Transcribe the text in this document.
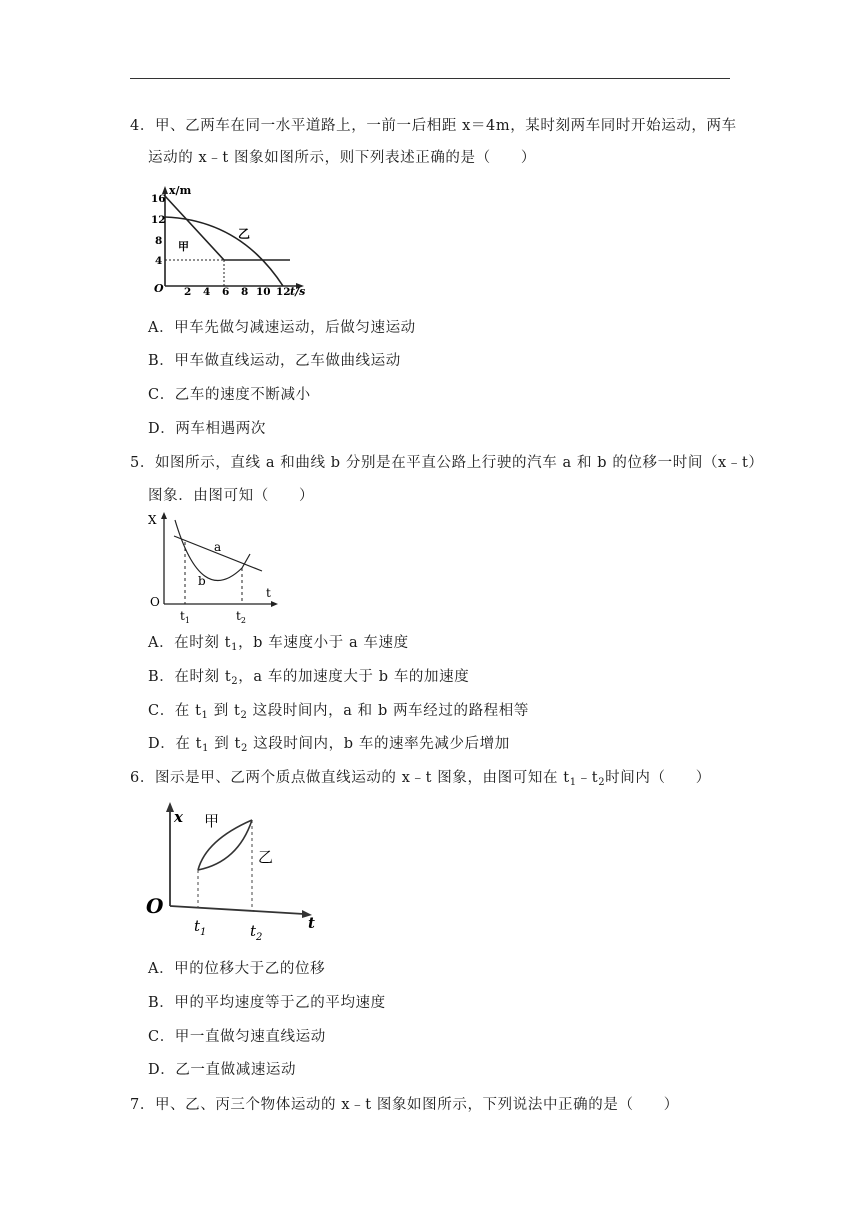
4．甲、乙两车在同一水平道路上，一前一后相距 x＝4m，某时刻两车同时开始运动，两车
运动的 x﹣t 图象如图所示，则下列表述正确的是（　　）
x/m
t/s
O
16
12
8
4
2 4 6 8 10 12
甲
乙
A．甲车先做匀减速运动，后做匀速运动
B．甲车做直线运动，乙车做曲线运动
C．乙车的速度不断减小
D．两车相遇两次
5．如图所示，直线 a 和曲线 b 分别是在平直公路上行驶的汽车 a 和 b 的位移一时间（x﹣t）
图象．由图可知（　　）
X
t
O
a
b
$t_1$	$t_2$
A．在时刻 $t_1$，b 车速度小于 a 车速度
B．在时刻 $t_2$，a 车的加速度大于 b 车的加速度
C．在 $t_1$ 到 $t_2$ 这段时间内，a 和 b 两车经过的路程相等
D．在 $t_1$ 到 $t_2$ 这段时间内，b 车的速率先减少后增加
6．图示是甲、乙两个质点做直线运动的 x﹣t 图象，由图可知在 $t_1﹣t_2$时间内（　　）
x
t
O
甲
乙
$t_1$	$t_2$
A．甲的位移大于乙的位移
B．甲的平均速度等于乙的平均速度
C．甲一直做匀速直线运动
D．乙一直做减速运动
7．甲、乙、丙三个物体运动的 x﹣t 图象如图所示，下列说法中正确的是（　　）
